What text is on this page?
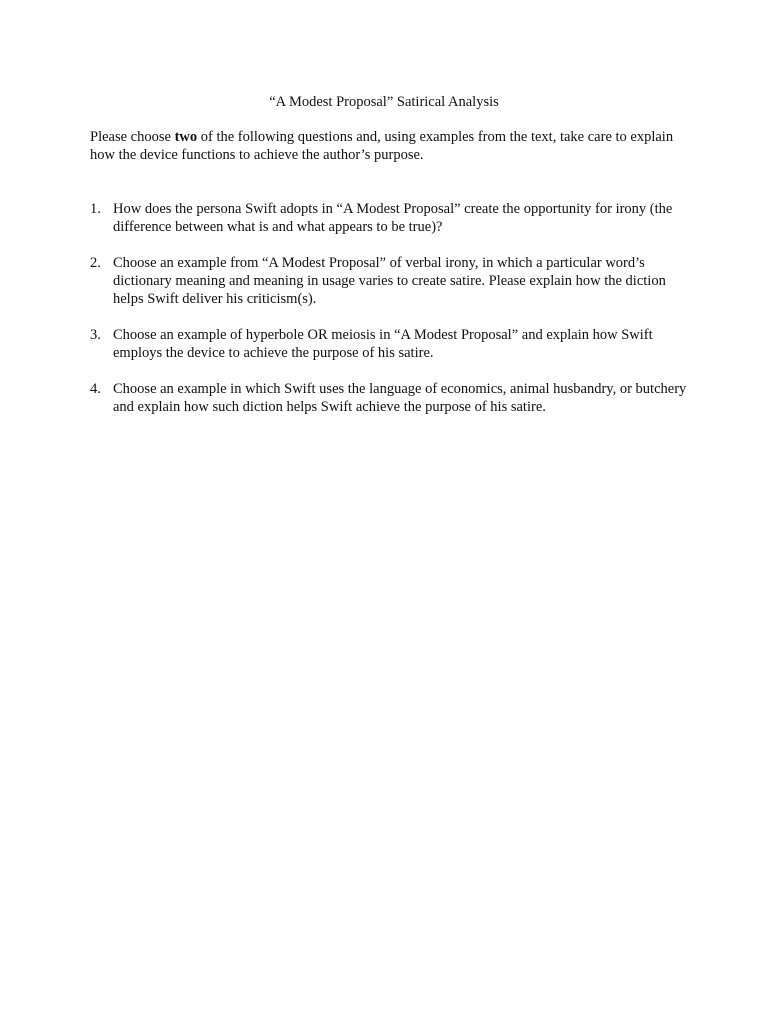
“A Modest Proposal” Satirical Analysis
Please choose two of the following questions and, using examples from the text, take care to explain how the device functions to achieve the author’s purpose.
1. How does the persona Swift adopts in “A Modest Proposal” create the opportunity for irony (the difference between what is and what appears to be true)?
2. Choose an example from “A Modest Proposal” of verbal irony, in which a particular word’s dictionary meaning and meaning in usage varies to create satire. Please explain how the diction helps Swift deliver his criticism(s).
3. Choose an example of hyperbole OR meiosis in “A Modest Proposal” and explain how Swift employs the device to achieve the purpose of his satire.
4. Choose an example in which Swift uses the language of economics, animal husbandry, or butchery and explain how such diction helps Swift achieve the purpose of his satire.
